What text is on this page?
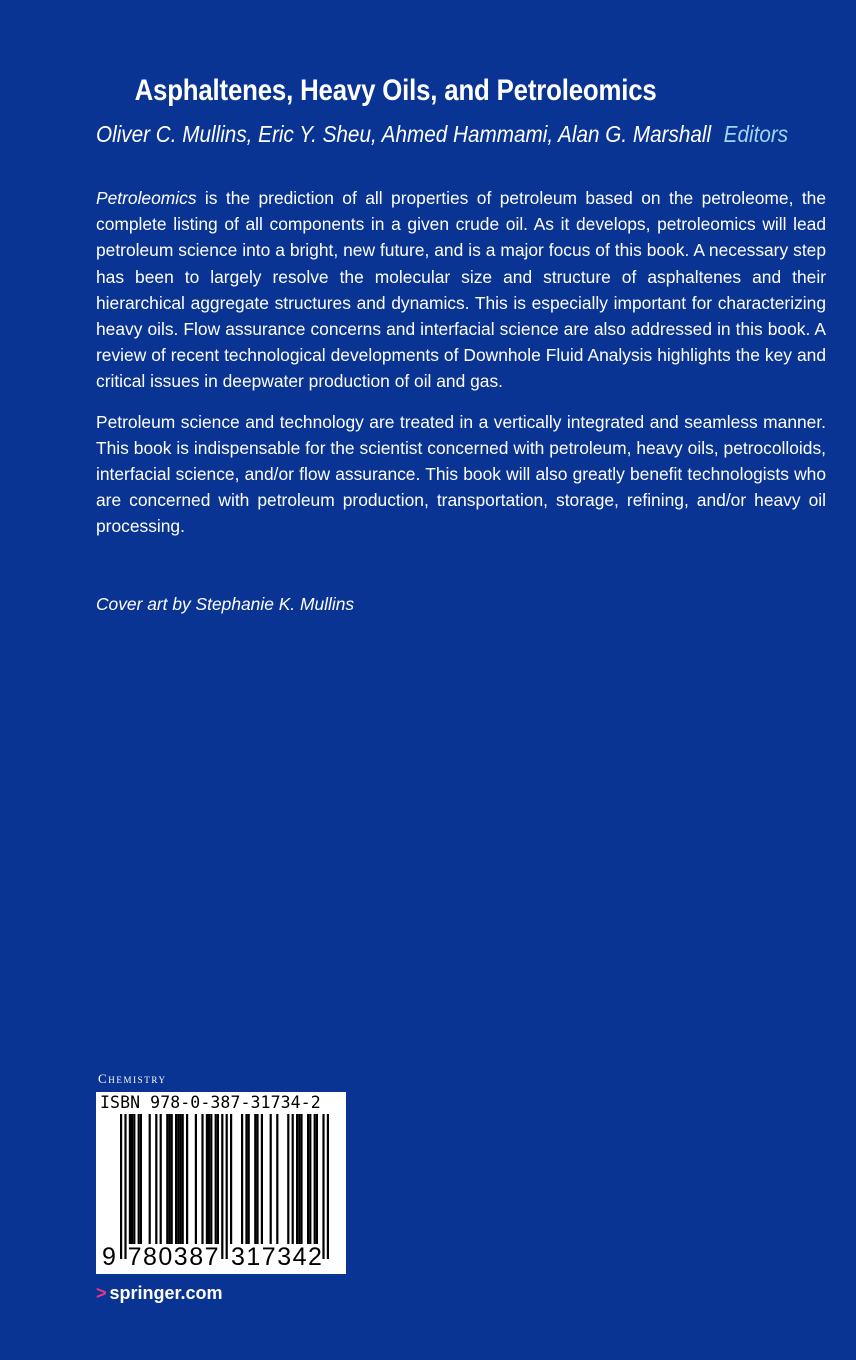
Asphaltenes, Heavy Oils, and Petroleomics
Oliver C. Mullins, Eric Y. Sheu, Ahmed Hammami, Alan G. Marshall Editors

Petroleomics is the prediction of all properties of petroleum based on the petroleome, the complete listing of all components in a given crude oil. As it develops, petroleomics will lead petroleum science into a bright, new future, and is a major focus of this book. A necessary step has been to largely resolve the molecular size and structure of asphaltenes and their hierarchical aggregate structures and dynamics. This is especially important for characterizing heavy oils. Flow assurance concerns and interfacial science are also addressed in this book. A review of recent technological developments of Downhole Fluid Analysis highlights the key and critical issues in deepwater production of oil and gas.

Petroleum science and technology are treated in a vertically integrated and seamless manner. This book is indispensable for the scientist concerned with petroleum, heavy oils, petrocolloids, interfacial science, and/or flow assurance. This book will also greatly benefit technologists who are concerned with petroleum production, transportation, storage, refining, and/or heavy oil processing.

Cover art by Stephanie K. Mullins
Chemistry
ISBN 978-0-387-31734-2
9 7 8 0 3 8 7 3 1 7 3 4 2
> springer.com
